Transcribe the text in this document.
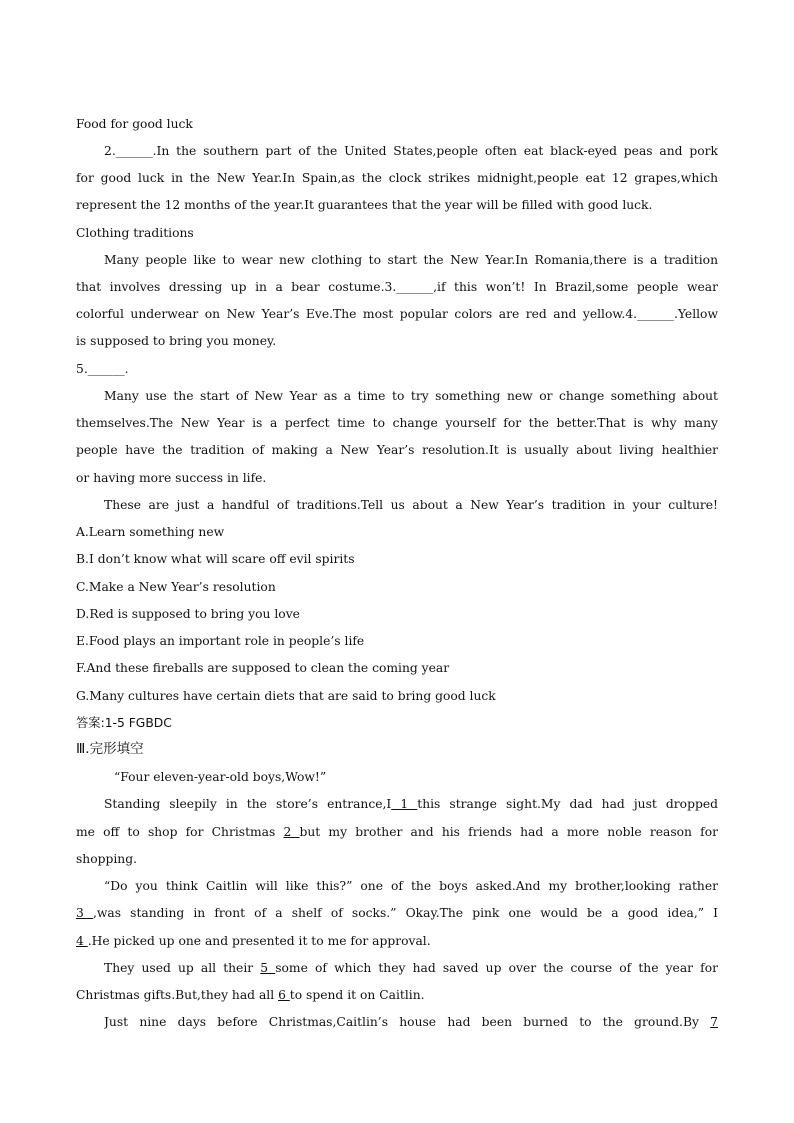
Food for good luck
2.______.In the southern part of the United States,people often eat black-eyed peas and pork
for good luck in the New Year.In Spain,as the clock strikes midnight,people eat 12 grapes,which
represent the 12 months of the year.It guarantees that the year will be filled with good luck.
Clothing traditions
Many people like to wear new clothing to start the New Year.In Romania,there is a tradition
that involves dressing up in a bear costume.3.______,if this won’t! In Brazil,some people wear
colorful underwear on New Year’s Eve.The most popular colors are red and yellow.4.______.Yellow
is supposed to bring you money.
5.______.
Many use the start of New Year as a time to try something new or change something about
themselves.The New Year is a perfect time to change yourself for the better.That is why many
people have the tradition of making a New Year’s resolution.It is usually about living healthier
or having more success in life.
These are just a handful of traditions.Tell us about a New Year’s tradition in your culture!
A.Learn something new
B.I don’t know what will scare off evil spirits
C.Make a New Year’s resolution
D.Red is supposed to bring you love
E.Food plays an important role in people’s life
F.And these fireballs are supposed to clean the coming year
G.Many cultures have certain diets that are said to bring good luck
答案:1-5 FGBDC
Ⅲ.完形填空
“Four eleven-year-old boys,Wow!”
Standing sleepily in the store’s entrance,I 1 this strange sight.My dad had just dropped
me off to shop for Christmas 2 but my brother and his friends had a more noble reason for
shopping.
“Do you think Caitlin will like this?” one of the boys asked.And my brother,looking rather
3 ,was standing in front of a shelf of socks.” Okay.The pink one would be a good idea,” I
4 .He picked up one and presented it to me for approval.
They used up all their 5 some of which they had saved up over the course of the year for
Christmas gifts.But,they had all 6 to spend it on Caitlin.
Just nine days before Christmas,Caitlin’s house had been burned to the ground.By 7
